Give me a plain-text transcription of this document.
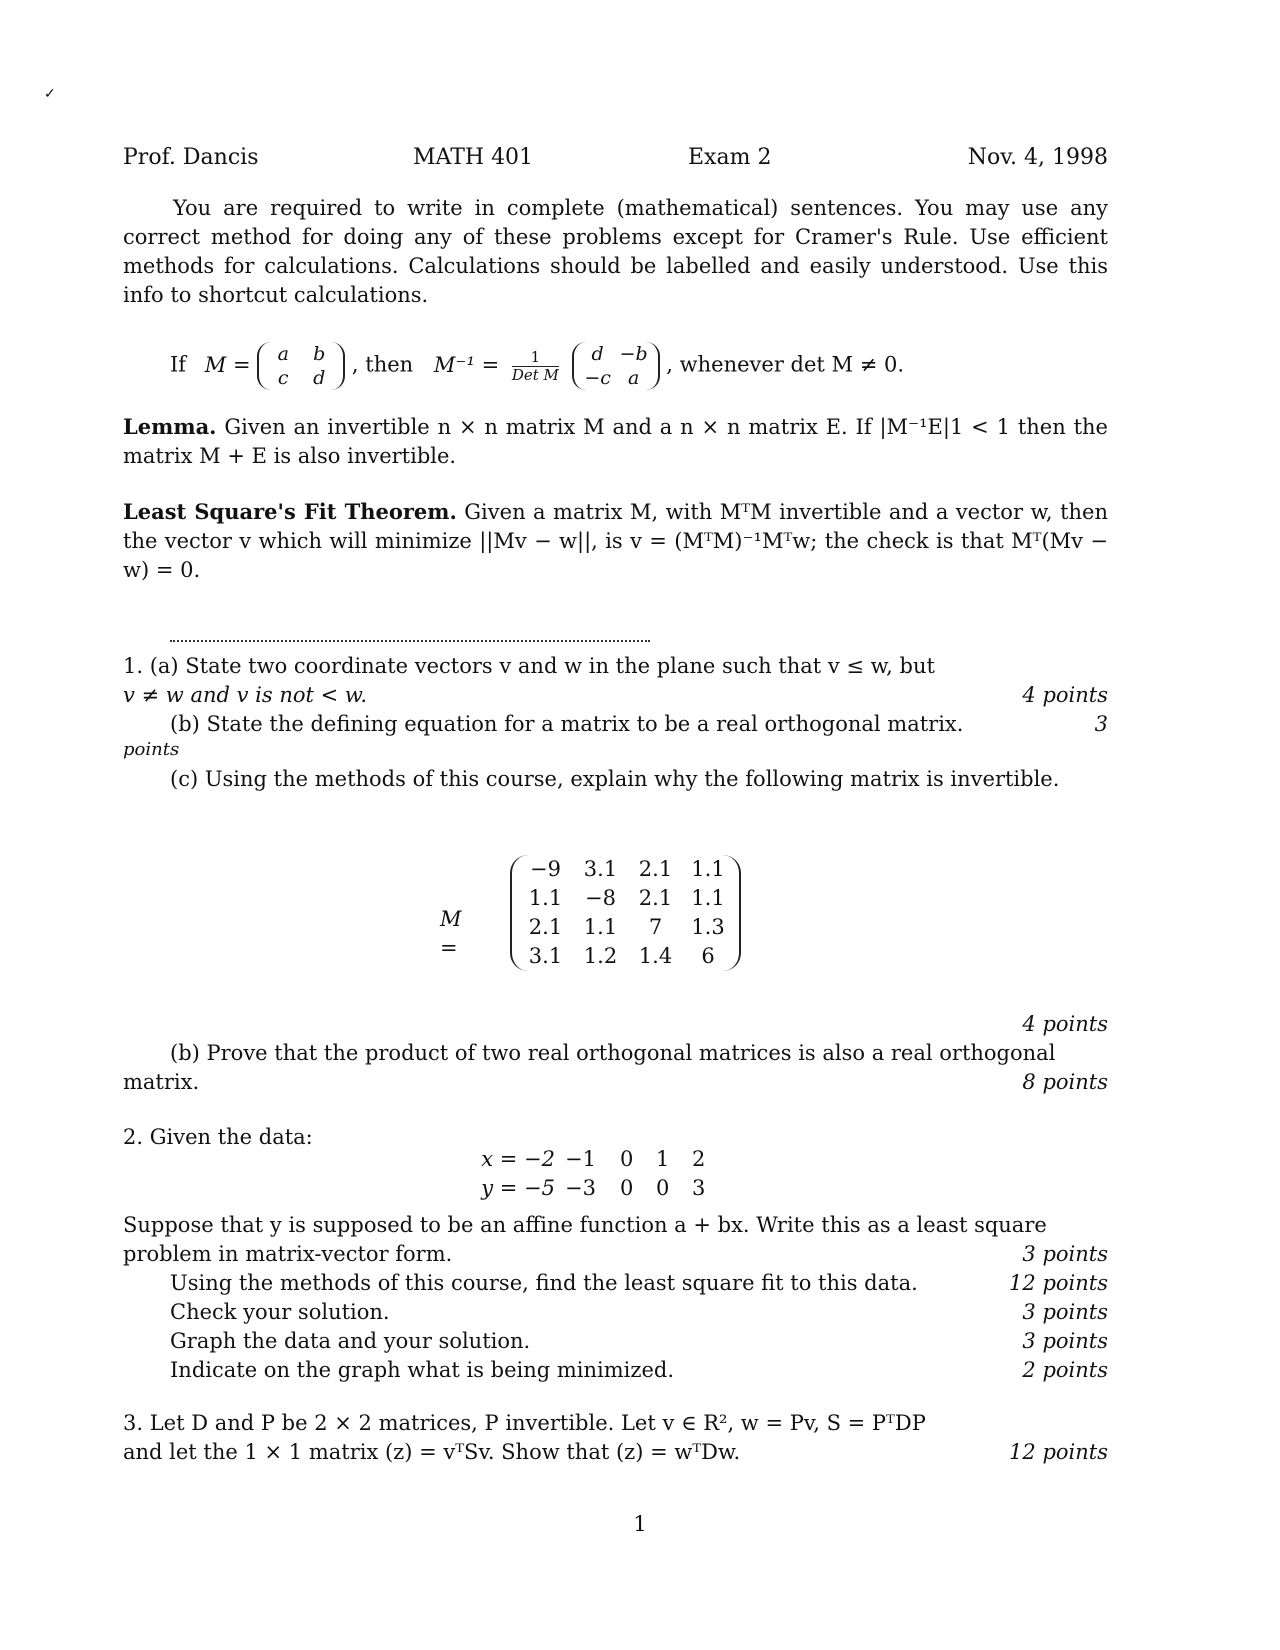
Prof. Dancis	MATH 401	Exam 2	Nov. 4, 1998
You are required to write in complete (mathematical) sentences. You may use any correct method for doing any of these problems except for Cramer's Rule. Use efficient methods for calculations. Calculations should be labelled and easily understood. Use this info to shortcut calculations.
If M =	a	b
c	d
, then M⁻¹ =	1
Det M

d −b
−c a
, whenever det M ≠ 0.
Lemma. Given an invertible n × n matrix M and a n × n matrix E. If |M⁻¹E|1 < 1 then the matrix M + E is also invertible.
Least Square's Fit Theorem. Given a matrix M, with MᵀM invertible and a vector w, then the vector v which will minimize ||Mv − w||, is v = (MᵀM)⁻¹Mᵀw; the check is that Mᵀ(Mv − w) = 0.
1. (a) State two coordinate vectors v and w in the plane such that v ≤ w, but
v ≠ w and v is not < w.	4 points
(b) State the defining equation for a matrix to be a real orthogonal matrix.	3
points
(c) Using the methods of this course, explain why the following matrix is invertible.
M =
−9	3.1	2.1 1.1
1.1	−8	2.1 1.1
2.1	1.1	7	1.3
3.1	1.2	1.4	6
4 points
(b) Prove that the product of two real orthogonal matrices is also a real orthogonal
matrix.	8 points
2. Given the data:
x = −2 −1	0	1	2
y = −5 −3	0	0	3
Suppose that y is supposed to be an affine function a + bx. Write this as a least square
problem in matrix-vector form.	3 points
Using the methods of this course, find the least square fit to this data.	12 points
Check your solution.	3 points
Graph the data and your solution.	3 points
Indicate on the graph what is being minimized.	2 points
3. Let D and P be 2 × 2 matrices, P invertible. Let v ∈ R², w = Pv, S = PᵀDP
and let the 1 × 1 matrix (z) = vᵀSv. Show that (z) = wᵀDw.	12 points
1
✓
